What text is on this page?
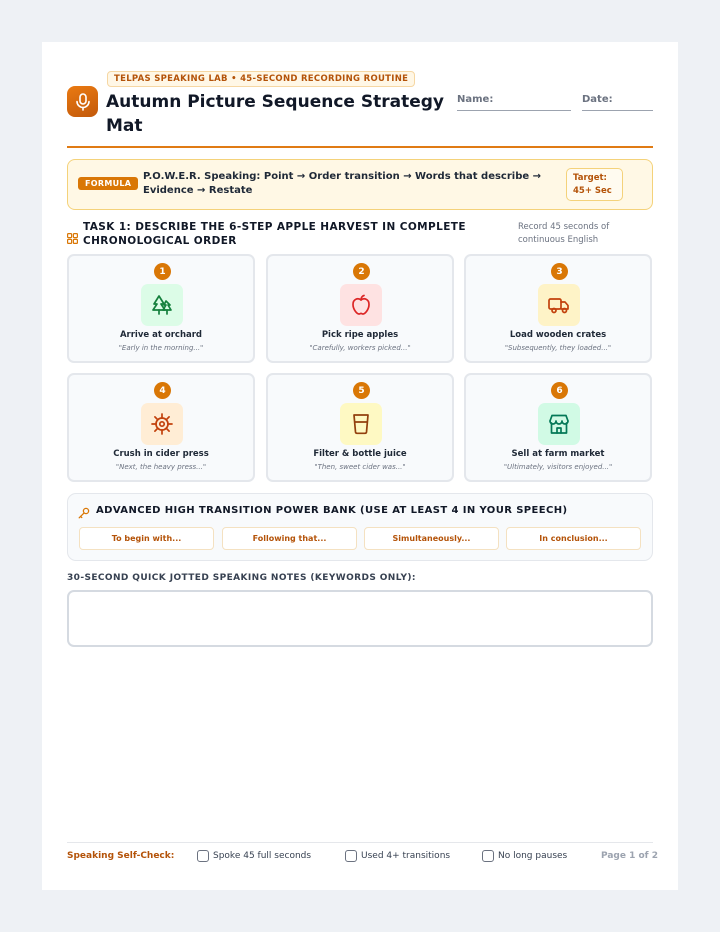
TELPAS SPEAKING LAB • 45-SECOND RECORDING ROUTINE
Autumn Picture Sequence Strategy Mat
Name:	Date:
FORMULA
P.O.W.E.R. Speaking: Point → Order transition → Words that describe → Evidence → Restate
Target: 45+ Sec
TASK 1: DESCRIBE THE 6-STEP APPLE HARVEST IN COMPLETE CHRONOLOGICAL ORDER
Record 45 seconds of continuous English
1
Arrive at orchard
"Early in the morning..."
2
Pick ripe apples
"Carefully, workers picked..."
3
Load wooden crates
"Subsequently, they loaded..."
4
Crush in cider press
"Next, the heavy press..."
5
Filter & bottle juice
"Then, sweet cider was..."
6
Sell at farm market
"Ultimately, visitors enjoyed..."
ADVANCED HIGH TRANSITION POWER BANK (USE AT LEAST 4 IN YOUR SPEECH)
To begin with...	Following that...	Simultaneously...	In conclusion...
30-SECOND QUICK JOTTED SPEAKING NOTES (KEYWORDS ONLY):
Speaking Self-Check:	Spoke 45 full seconds	Used 4+ transitions	No long pauses	Page 1 of 2
